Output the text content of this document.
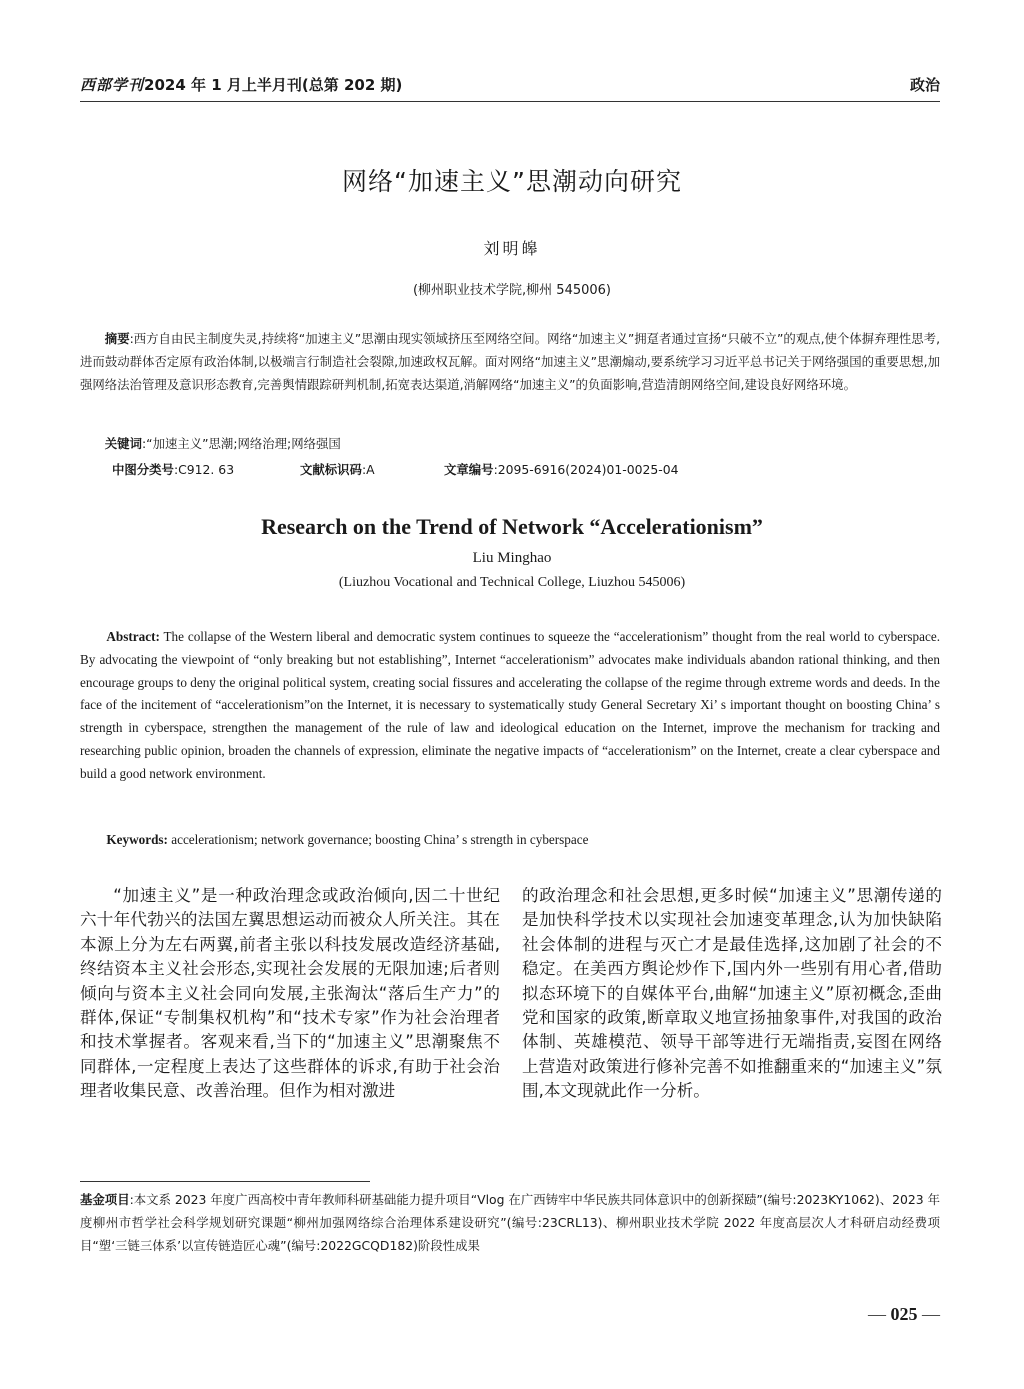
西部学刊2024 年 1 月上半月刊(总第 202 期)	政治
网络“加速主义”思潮动向研究
刘明皞
(柳州职业技术学院,柳州 545006)
摘要:西方自由民主制度失灵,持续将“加速主义”思潮由现实领域挤压至网络空间。网络“加速主义”拥趸者通过宣扬“只破不立”的观点,使个体摒弃理性思考,进而鼓动群体否定原有政治体制,以极端言行制造社会裂隙,加速政权瓦解。面对网络“加速主义”思潮煽动,要系统学习习近平总书记关于网络强国的重要思想,加强网络法治管理及意识形态教育,完善舆情跟踪研判机制,拓宽表达渠道,消解网络“加速主义”的负面影响,营造清朗网络空间,建设良好网络环境。
关键词:“加速主义”思潮;网络治理;网络强国
中图分类号:C912. 63	文献标识码:A	文章编号:2095-6916(2024)01-0025-04
Research on the Trend of Network “Accelerationism”
Liu Minghao
(Liuzhou Vocational and Technical College, Liuzhou 545006)
Abstract: The collapse of the Western liberal and democratic system continues to squeeze the “accelerationism” thought from the real world to cyberspace. By advocating the viewpoint of “only breaking but not establishing”, Internet “accelerationism” advocates make individuals abandon rational thinking, and then encourage groups to deny the original political system, creating social fissures and accelerating the collapse of the regime through extreme words and deeds. In the face of the incitement of “accelerationism”on the Internet, it is necessary to systematically study General Secretary Xi’ s important thought on boosting China’ s strength in cyberspace, strengthen the management of the rule of law and ideological education on the Internet, improve the mechanism for tracking and researching public opinion, broaden the channels of expression, eliminate the negative impacts of “accelerationism” on the Internet, create a clear cyberspace and build a good network environment.
Keywords: accelerationism; network governance; boosting China’ s strength in cyberspace
“加速主义”是一种政治理念或政治倾向,因二十世纪六十年代勃兴的法国左翼思想运动而被众人所关注。其在本源上分为左右两翼,前者主张以科技发展改造经济基础,终结资本主义社会形态,实现社会发展的无限加速;后者则倾向与资本主义社会同向发展,主张淘汰“落后生产力”的群体,保证“专制集权机构”和“技术专家”作为社会治理者和技术掌握者。客观来看,当下的“加速主义”思潮聚焦不同群体,一定程度上表达了这些群体的诉求,有助于社会治理者收集民意、改善治理。但作为相对激进
的政治理念和社会思想,更多时候“加速主义”思潮传递的是加快科学技术以实现社会加速变革理念,认为加快缺陷社会体制的进程与灭亡才是最佳选择,这加剧了社会的不稳定。在美西方舆论炒作下,国内外一些别有用心者,借助拟态环境下的自媒体平台,曲解“加速主义”原初概念,歪曲党和国家的政策,断章取义地宣扬抽象事件,对我国的政治体制、英雄模范、领导干部等进行无端指责,妄图在网络上营造对政策进行修补完善不如推翻重来的“加速主义”氛围,本文现就此作一分析。
基金项目:本文系 2023 年度广西高校中青年教师科研基础能力提升项目“Vlog 在广西铸牢中华民族共同体意识中的创新探赜”(编号:2023KY1062)、2023 年度柳州市哲学社会科学规划研究课题“柳州加强网络综合治理体系建设研究”(编号:23CRL13)、柳州职业技术学院 2022 年度高层次人才科研启动经费项目“塑‘三链三体系’以宣传链造匠心魂”(编号:2022GCQD182)阶段性成果
— 025 —
